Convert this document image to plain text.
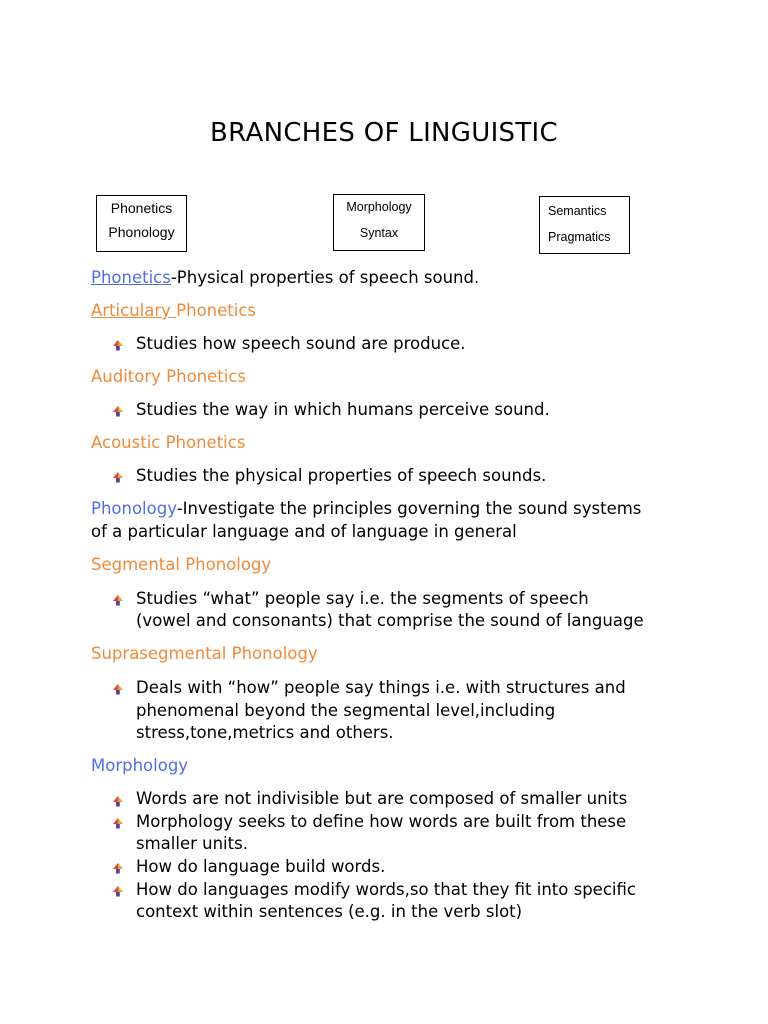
BRANCHES OF LINGUISTIC
Phonetics
Phonology
Morphology
Syntax
Semantics
Pragmatics
Phonetics-Physical properties of speech sound.
Articulary Phonetics
Studies how speech sound are produce.
Auditory Phonetics
Studies the way in which humans perceive sound.
Acoustic Phonetics
Studies the physical properties of speech sounds.
Phonology-Investigate the principles governing the sound systems
of a particular language and of language in general
Segmental Phonology
Studies “what” people say i.e. the segments of speech
(vowel and consonants) that comprise the sound of language
Suprasegmental Phonology
Deals with “how” people say things i.e. with structures and
phenomenal beyond the segmental level,including
stress,tone,metrics and others.
Morphology
Words are not indivisible but are composed of smaller units
Morphology seeks to define how words are built from these
smaller units.
How do language build words.
How do languages modify words,so that they fit into specific
context within sentences (e.g. in the verb slot)
